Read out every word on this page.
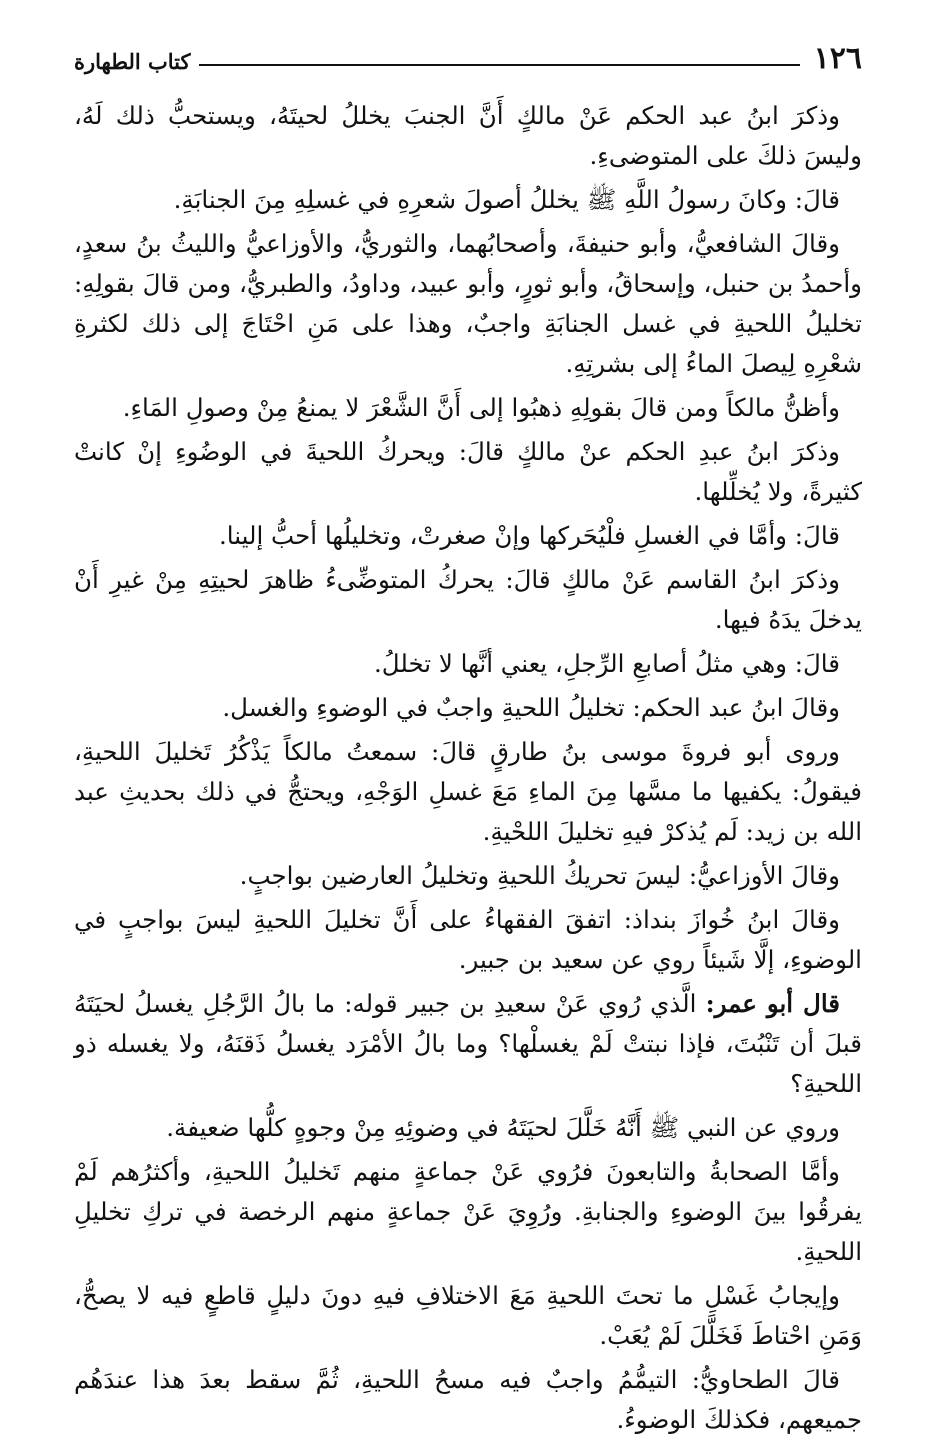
١٢٦
كتاب الطهارة

وذكرَ ابنُ عبد الحكم عَنْ مالكٍ أَنَّ الجنبَ يخللُ لحيتَهُ، ويستحبُّ ذلك لَهُ، وليسَ ذلكَ على المتوضىءِ.

قالَ: وكانَ رسولُ اللَّهِ ﷺ يخللُ أصولَ شعرِهِ في غسلِهِ مِنَ الجنابَةِ.

وقالَ الشافعيُّ، وأبو حنيفةَ، وأصحابُهما، والثوريُّ، والأوزاعيُّ والليثُ بنُ سعدٍ، وأحمدُ بن حنبل، وإسحاقُ، وأبو ثورٍ، وأبو عبيد، وداودُ، والطبريُّ، ومن قالَ بقولِهِ: تخليلُ اللحيةِ في غسل الجنابَةِ واجبٌ، وهذا على مَنِ احْتَاجَ إلى ذلك لكثرةِ شعْرِهِ لِيصلَ الماءُ إلى بشرتِهِ.

وأظنُّ مالكاً ومن قالَ بقولِهِ ذهبُوا إلى أَنَّ الشَّعْرَ لا يمنعُ مِنْ وصولِ المَاءِ.

وذكرَ ابنُ عبدِ الحكم عنْ مالكٍ قالَ: ويحركُ اللحيةَ في الوضُوءِ إنْ كانتْ كثيرةً، ولا يُخلِّلها.

قالَ: وأمَّا في الغسلِ فلْيُحَركها وإنْ صغرتْ، وتخليلُها أحبُّ إلينا.

وذكرَ ابنُ القاسم عَنْ مالكٍ قالَ: يحركُ المتوضِّىءُ ظاهرَ لحيتِهِ مِنْ غيرِ أَنْ يدخلَ يدَهُ فيها.

قالَ: وهي مثلُ أصابعِ الرِّجلِ، يعني أنَّها لا تخللُ.

وقالَ ابنُ عبد الحكم: تخليلُ اللحيةِ واجبٌ في الوضوءِ والغسل.

وروى أبو فروةَ موسى بنُ طارقٍ قالَ: سمعتُ مالكاً يَذْكُرُ تَخليلَ اللحيةِ، فيقولُ: يكفيها ما مسَّها مِنَ الماءِ مَعَ غسلِ الوَجْهِ، ويحتجُّ في ذلك بحديثِ عبد الله بن زيد: لَم يُذكرْ فيهِ تخليلَ اللحْيةِ.

وقالَ الأوزاعيُّ: ليسَ تحريكُ اللحيةِ وتخليلُ العارضين بواجبٍ.

وقالَ ابنُ خُوازَ بنداذ: اتفقَ الفقهاءُ على أَنَّ تخليلَ اللحيةِ ليسَ بواجبٍ في الوضوءِ، إلَّا شَيئاً روي عن سعيد بن جبير.

قال أبو عمر: الَّذي رُوي عَنْ سعيدِ بن جبير قوله: ما بالُ الرَّجُلِ يغسلُ لحيَتَهُ قبلَ أن تَنْبُتَ، فإذا نبتتْ لَمْ يغسلْها؟ وما بالُ الأمْرَد يغسلُ ذَقنَهُ، ولا يغسله ذو اللحيةِ؟

وروي عن النبي ﷺ أَنَّهُ خَلَّلَ لحيَتَهُ في وضوئِهِ مِنْ وجوهٍ كلُّها ضعيفة.

وأمَّا الصحابةُ والتابعونَ فرُوي عَنْ جماعةٍ منهم تَخليلُ اللحيةِ، وأكثرُهم لَمْ يفرقُوا بينَ الوضوءِ والجنابةِ. ورُوِيَ عَنْ جماعةٍ منهم الرخصة في تركِ تخليلِ اللحيةِ.

وإيجابُ غَسْلِ ما تحتَ اللحيةِ مَعَ الاختلافِ فيهِ دونَ دليلٍ قاطعٍ فيه لا يصحُّ، وَمَنِ احْتاطَ فَخَلَّلَ لَمْ يُعَبْ.

قالَ الطحاويُّ: التيمُّمُ واجبٌ فيه مسحُ اللحيةِ، ثُمَّ سقط بعدَ هذا عندَهُم جميعهم، فكذلكَ الوضوءُ.
